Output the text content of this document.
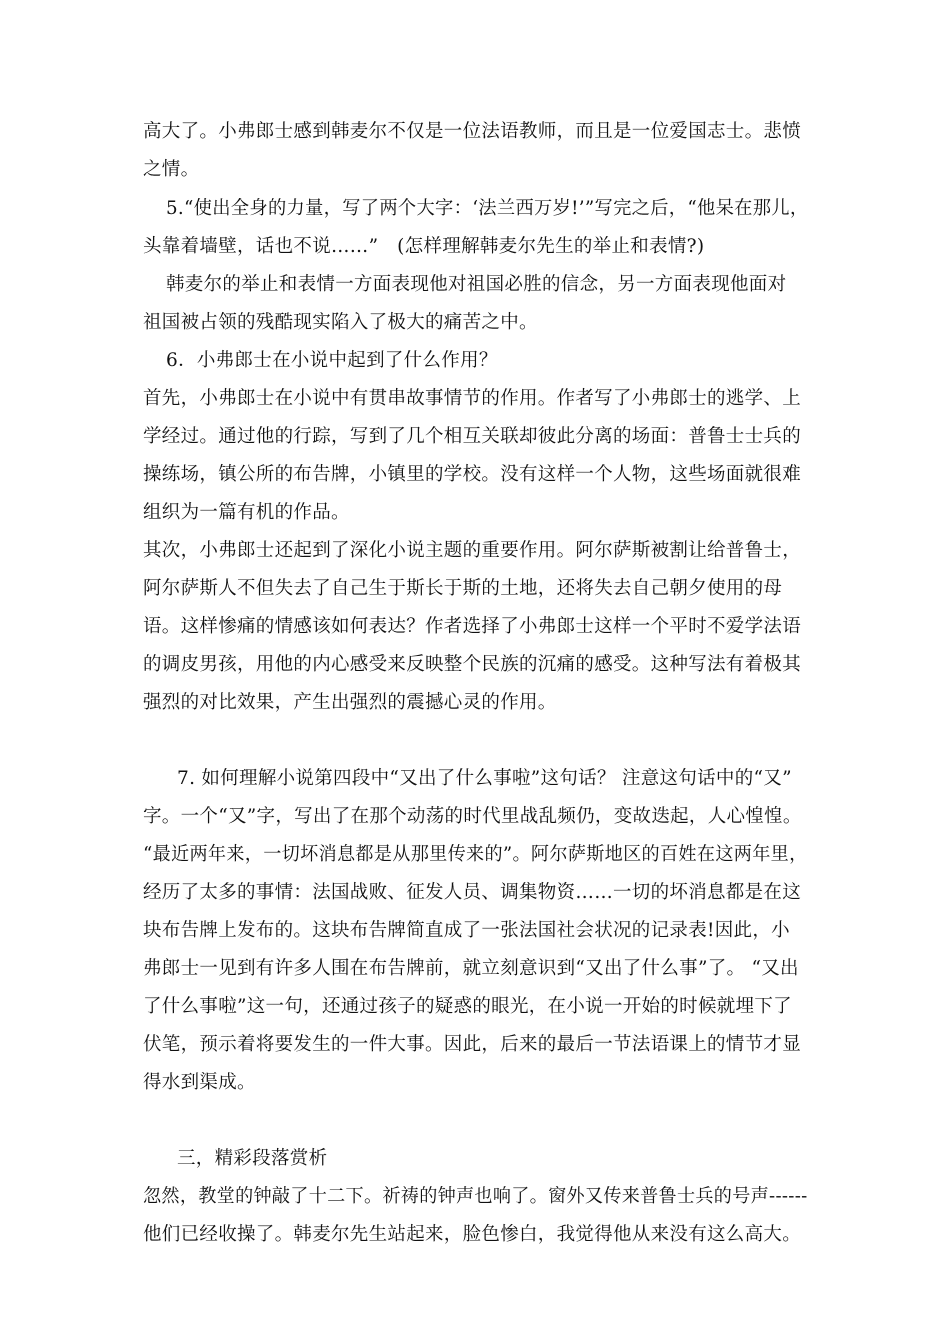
高大了。小弗郎士感到韩麦尔不仅是一位法语教师，而且是一位爱国志士。悲愤
之情。
5.“使出全身的力量，写了两个大字：‘法兰西万岁!’”写完之后，“他呆在那儿，
头靠着墙壁，话也不说……”　(怎样理解韩麦尔先生的举止和表情?)
韩麦尔的举止和表情一方面表现他对祖国必胜的信念，另一方面表现他面对
祖国被占领的残酷现实陷入了极大的痛苦之中。
6．小弗郎士在小说中起到了什么作用？
首先，小弗郎士在小说中有贯串故事情节的作用。作者写了小弗郎士的逃学、上
学经过。通过他的行踪，写到了几个相互关联却彼此分离的场面：普鲁士士兵的
操练场，镇公所的布告牌，小镇里的学校。没有这样一个人物，这些场面就很难
组织为一篇有机的作品。
其次，小弗郎士还起到了深化小说主题的重要作用。阿尔萨斯被割让给普鲁士，
阿尔萨斯人不但失去了自己生于斯长于斯的土地，还将失去自己朝夕使用的母
语。这样惨痛的情感该如何表达？作者选择了小弗郎士这样一个平时不爱学法语
的调皮男孩，用他的内心感受来反映整个民族的沉痛的感受。这种写法有着极其
强烈的对比效果，产生出强烈的震撼心灵的作用。
7. 如何理解小说第四段中“又出了什么事啦”这句话？ 注意这句话中的“又”
字。一个“又”字，写出了在那个动荡的时代里战乱频仍，变故迭起，人心惶惶。
“最近两年来，一切坏消息都是从那里传来的”。阿尔萨斯地区的百姓在这两年里，
经历了太多的事情：法国战败、征发人员、调集物资……一切的坏消息都是在这
块布告牌上发布的。这块布告牌简直成了一张法国社会状况的记录表!因此，小
弗郎士一见到有许多人围在布告牌前，就立刻意识到“又出了什么事”了。 “又出
了什么事啦”这一句，还通过孩子的疑惑的眼光，在小说一开始的时候就埋下了
伏笔，预示着将要发生的一件大事。因此，后来的最后一节法语课上的情节才显
得水到渠成。
三，精彩段落赏析
忽然，教堂的钟敲了十二下。祈祷的钟声也响了。窗外又传来普鲁士兵的号声------
他们已经收操了。韩麦尔先生站起来，脸色惨白，我觉得他从来没有这么高大。
